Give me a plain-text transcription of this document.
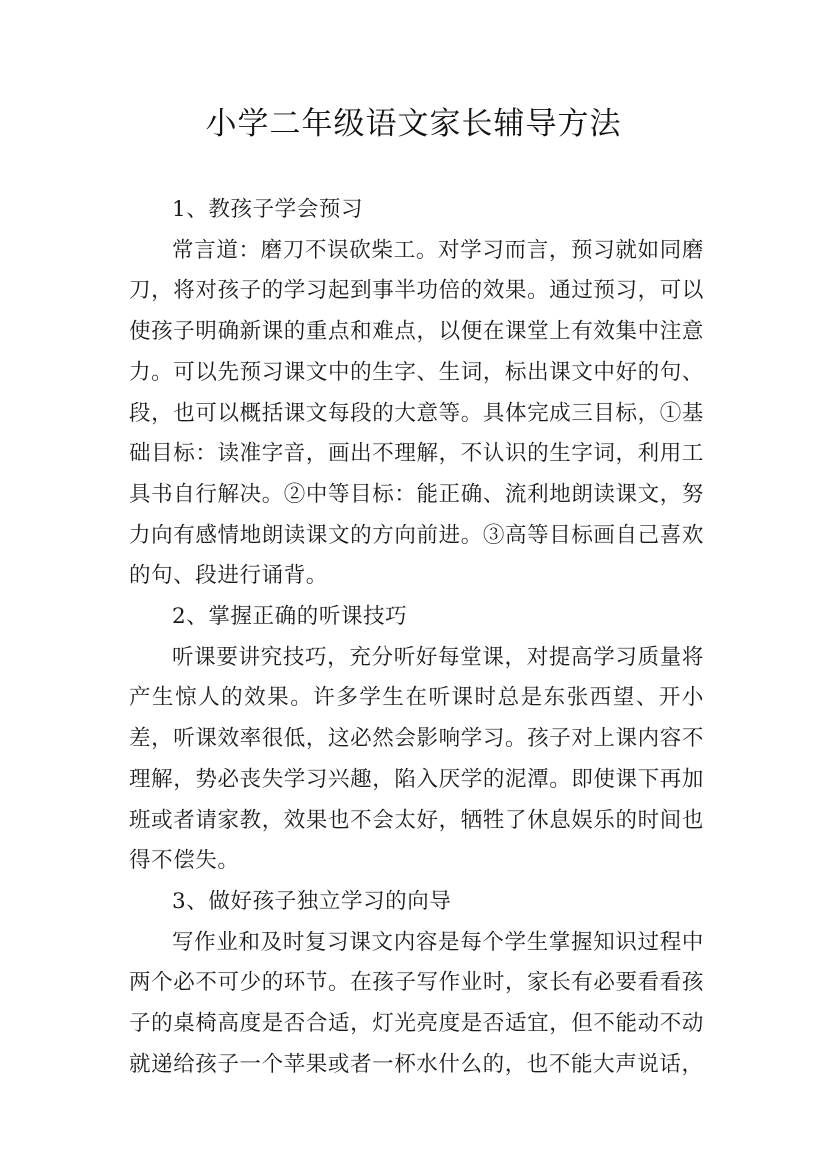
小学二年级语文家长辅导方法

1、教孩子学会预习

常言道：磨刀不误砍柴工。对学习而言，预习就如同磨刀，将对孩子的学习起到事半功倍的效果。通过预习，可以使孩子明确新课的重点和难点，以便在课堂上有效集中注意力。可以先预习课文中的生字、生词，标出课文中好的句、段，也可以概括课文每段的大意等。具体完成三目标，①基础目标：读准字音，画出不理解，不认识的生字词，利用工具书自行解决。②中等目标：能正确、流利地朗读课文，努力向有感情地朗读课文的方向前进。③高等目标画自己喜欢的句、段进行诵背。

2、掌握正确的听课技巧

听课要讲究技巧，充分听好每堂课，对提高学习质量将产生惊人的效果。许多学生在听课时总是东张西望、开小差，听课效率很低，这必然会影响学习。孩子对上课内容不理解，势必丧失学习兴趣，陷入厌学的泥潭。即使课下再加班或者请家教，效果也不会太好，牺牲了休息娱乐的时间也得不偿失。

3、做好孩子独立学习的向导

写作业和及时复习课文内容是每个学生掌握知识过程中两个必不可少的环节。在孩子写作业时，家长有必要看看孩子的桌椅高度是否合适，灯光亮度是否适宜，但不能动不动就递给孩子一个苹果或者一杯水什么的，也不能大声说话，
